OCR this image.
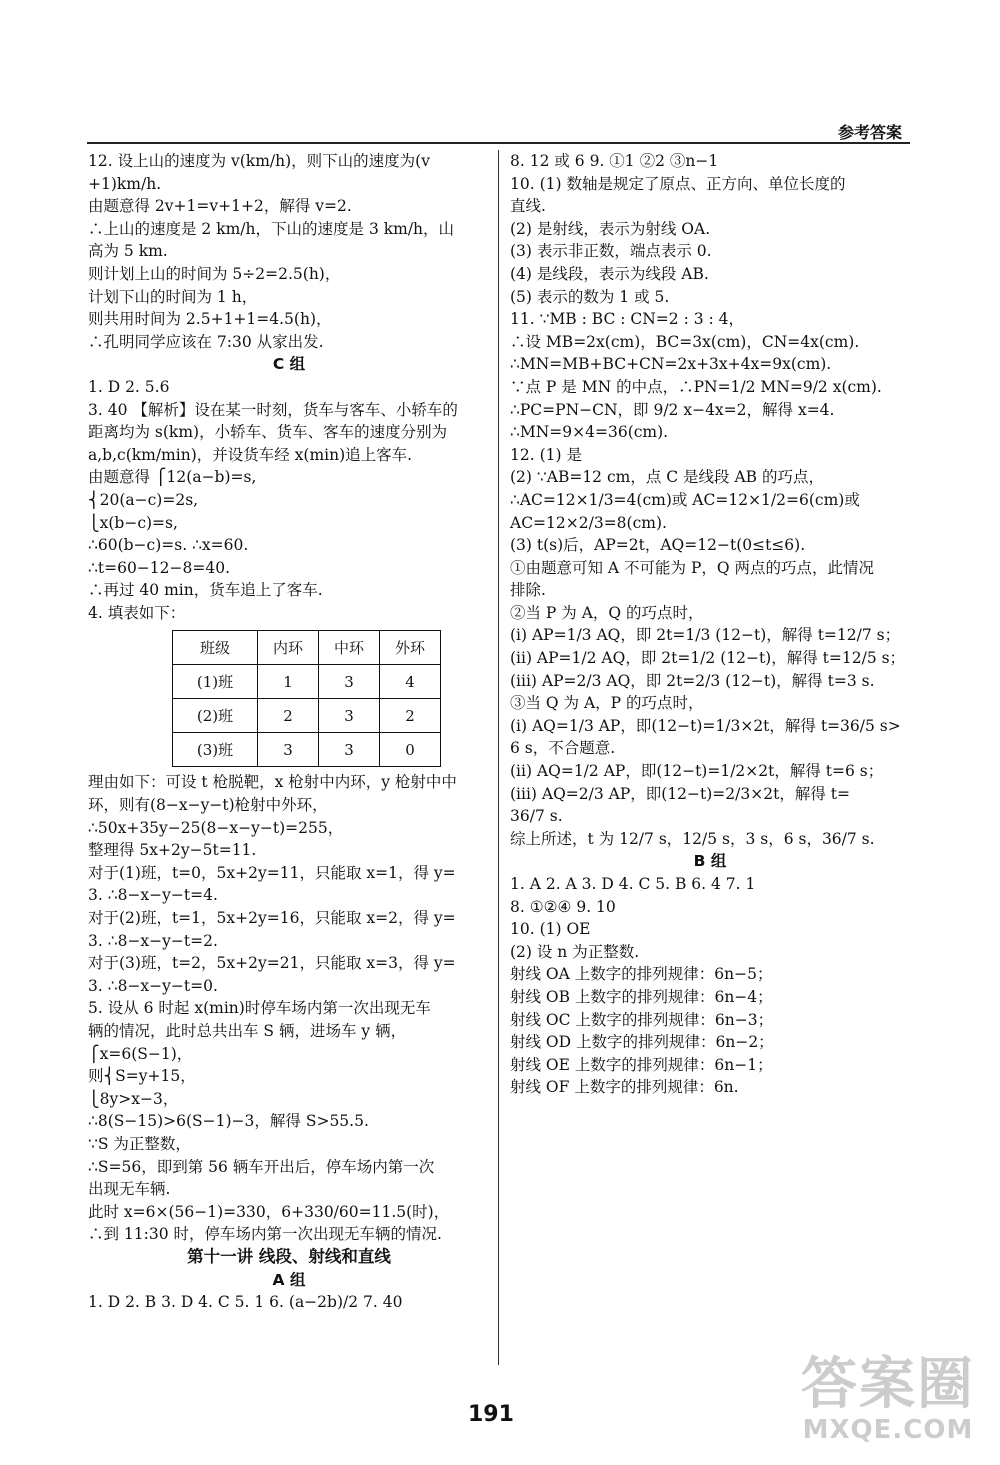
参考答案
12. 设上山的速度为 v(km/h)，则下山的速度为(v
+1)km/h.
由题意得 2v+1=v+1+2，解得 v=2.
∴上山的速度是 2 km/h，下山的速度是 3 km/h，山
高为 5 km.
则计划上山的时间为 5÷2=2.5(h)，
计划下山的时间为 1 h，
则共用时间为 2.5+1+1=4.5(h)，
∴孔明同学应该在 7:30 从家出发.
C 组
1. D 2. 5.6
3. 40 【解析】设在某一时刻，货车与客车、小轿车的
距离均为 s(km)，小轿车、货车、客车的速度分别为
a,b,c(km/min)，并设货车经 x(min)追上客车.
由题意得 ⎧12(a−b)=s,
⎨20(a−c)=2s,
⎩x(b−c)=s,
∴60(b−c)=s. ∴x=60.
∴t=60−12−8=40.
∴再过 40 min，货车追上了客车.
4. 填表如下：
班级	内环	中环	外环
(1)班	1	3	4
(2)班	2	3	2
(3)班	3	3	0
理由如下：可设 t 枪脱靶，x 枪射中内环，y 枪射中中
环，则有(8−x−y−t)枪射中外环，
∴50x+35y−25(8−x−y−t)=255，
整理得 5x+2y−5t=11.
对于(1)班，t=0，5x+2y=11，只能取 x=1，得 y=
3. ∴8−x−y−t=4.
对于(2)班，t=1，5x+2y=16，只能取 x=2，得 y=
3. ∴8−x−y−t=2.
对于(3)班，t=2，5x+2y=21，只能取 x=3，得 y=
3. ∴8−x−y−t=0.
5. 设从 6 时起 x(min)时停车场内第一次出现无车
辆的情况，此时总共出车 S 辆，进场车 y 辆，
⎧x=6(S−1)，
则⎨S=y+15，
⎩8y>x−3，
∴8(S−15)>6(S−1)−3，解得 S>55.5.
∵S 为正整数，
∴S=56，即到第 56 辆车开出后，停车场内第一次
出现无车辆.
此时 x=6×(56−1)=330，6+330/60=11.5(时)，
∴到 11:30 时，停车场内第一次出现无车辆的情况.
第十一讲 线段、射线和直线
A 组
1. D 2. B 3. D 4. C 5. 1 6. (a−2b)/2 7. 40
8. 12 或 6 9. ①1 ②2 ③n−1
10. (1) 数轴是规定了原点、正方向、单位长度的
直线.
(2) 是射线，表示为射线 OA.
(3) 表示非正数，端点表示 0.
(4) 是线段，表示为线段 AB.
(5) 表示的数为 1 或 5.
11. ∵MB : BC : CN=2 : 3 : 4，
∴设 MB=2x(cm)，BC=3x(cm)，CN=4x(cm).
∴MN=MB+BC+CN=2x+3x+4x=9x(cm).
∵点 P 是 MN 的中点，∴PN=1/2 MN=9/2 x(cm).
∴PC=PN−CN，即 9/2 x−4x=2，解得 x=4.
∴MN=9×4=36(cm).
12. (1) 是
(2) ∵AB=12 cm，点 C 是线段 AB 的巧点，
∴AC=12×1/3=4(cm)或 AC=12×1/2=6(cm)或
AC=12×2/3=8(cm).
(3) t(s)后，AP=2t，AQ=12−t(0≤t≤6).
①由题意可知 A 不可能为 P，Q 两点的巧点，此情况
排除.
②当 P 为 A，Q 的巧点时，
(i) AP=1/3 AQ，即 2t=1/3 (12−t)，解得 t=12/7 s；
(ii) AP=1/2 AQ，即 2t=1/2 (12−t)，解得 t=12/5 s；
(iii) AP=2/3 AQ，即 2t=2/3 (12−t)，解得 t=3 s.
③当 Q 为 A，P 的巧点时，
(i) AQ=1/3 AP，即(12−t)=1/3×2t，解得 t=36/5 s>
6 s，不合题意.
(ii) AQ=1/2 AP，即(12−t)=1/2×2t，解得 t=6 s；
(iii) AQ=2/3 AP，即(12−t)=2/3×2t，解得 t=
36/7 s.
综上所述，t 为 12/7 s，12/5 s，3 s，6 s，36/7 s.
B 组
1. A 2. A 3. D 4. C 5. B 6. 4 7. 1
8. ①②④ 9. 10
10. (1) OE
(2) 设 n 为正整数.
射线 OA 上数字的排列规律：6n−5；
射线 OB 上数字的排列规律：6n−4；
射线 OC 上数字的排列规律：6n−3；
射线 OD 上数字的排列规律：6n−2；
射线 OE 上数字的排列规律：6n−1；
射线 OF 上数字的排列规律：6n.
191	答案圈
MXQE.COM
